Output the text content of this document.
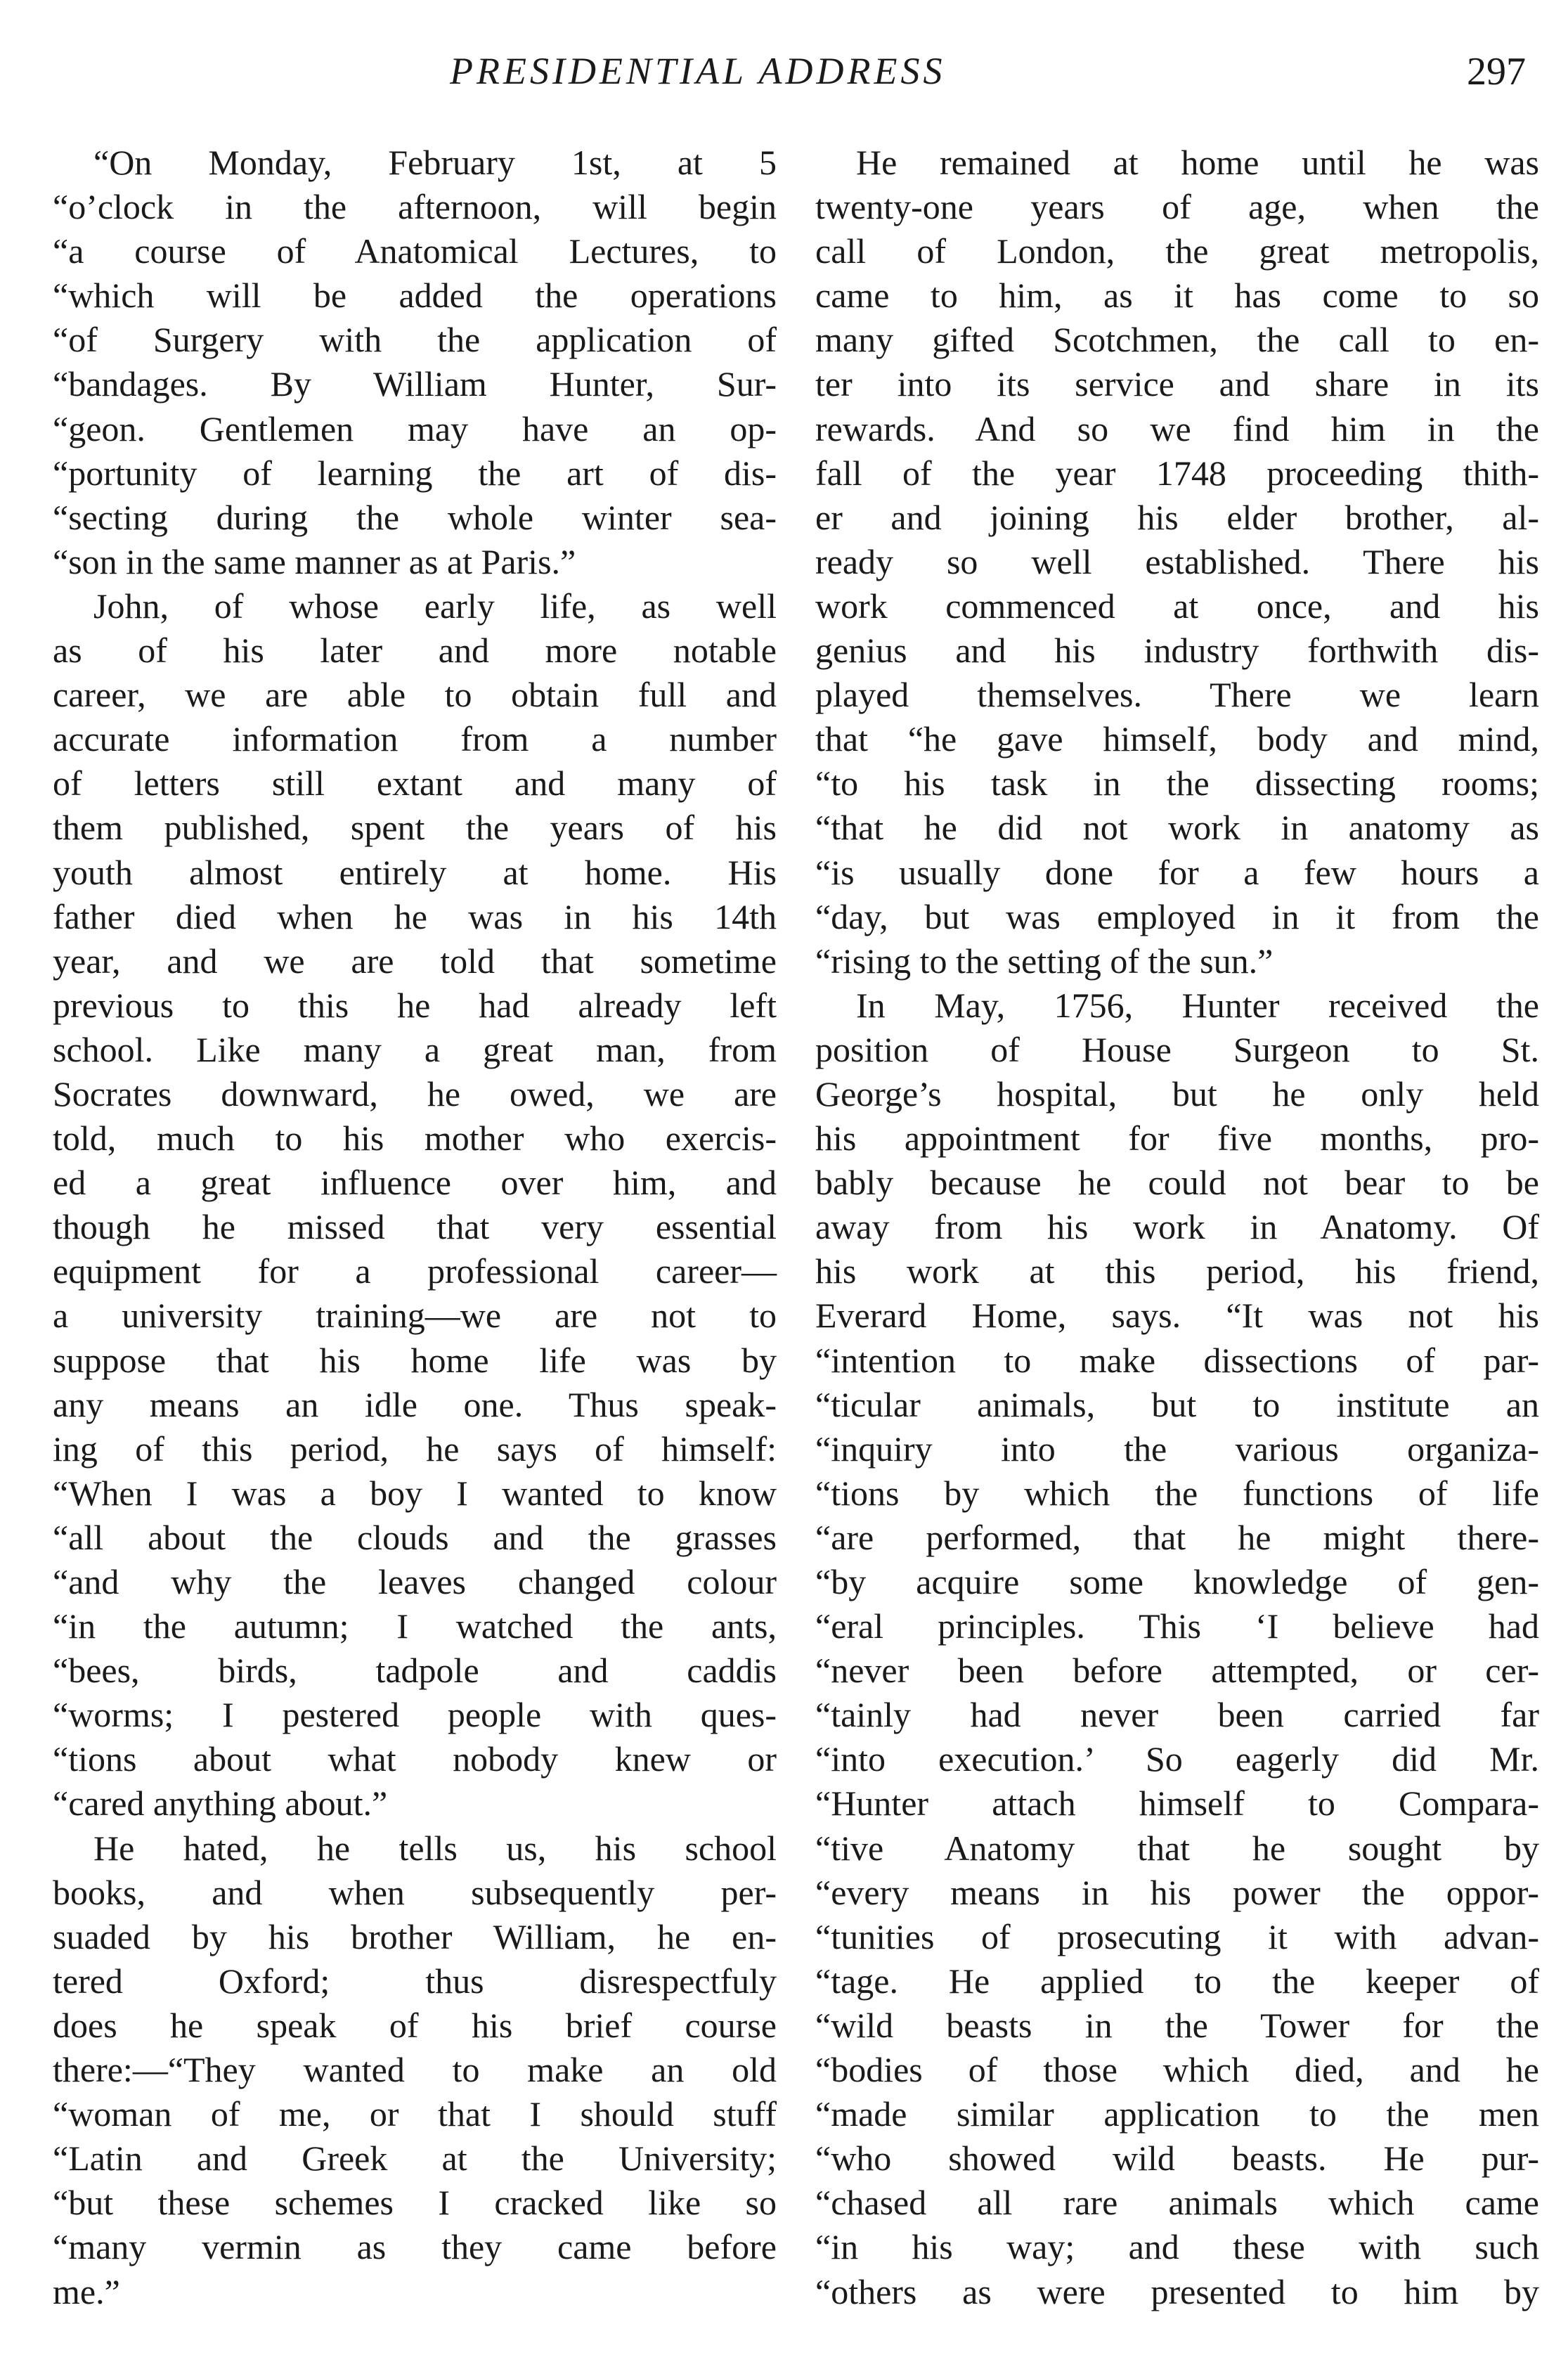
PRESIDENTIAL ADDRESS	297
“On Monday, February 1st, at 5
“o’clock in the afternoon, will begin
“a course of Anatomical Lectures, to
“which will be added the operations
“of Surgery with the application of
“bandages. By William Hunter, Sur-
“geon. Gentlemen may have an op-
“portunity of learning the art of dis-
“secting during the whole winter sea-
“son in the same manner as at Paris.”
John, of whose early life, as well
as of his later and more notable
career, we are able to obtain full and
accurate information from a number
of letters still extant and many of
them published, spent the years of his
youth almost entirely at home. His
father died when he was in his 14th
year, and we are told that sometime
previous to this he had already left
school. Like many a great man, from
Socrates downward, he owed, we are
told, much to his mother who exercis-
ed a great influence over him, and
though he missed that very essential
equipment for a professional career—
a university training—we are not to
suppose that his home life was by
any means an idle one. Thus speak-
ing of this period, he says of himself:
“When I was a boy I wanted to know
“all about the clouds and the grasses
“and why the leaves changed colour
“in the autumn; I watched the ants,
“bees, birds, tadpole and caddis
“worms; I pestered people with ques-
“tions about what nobody knew or
“cared anything about.”
He hated, he tells us, his school
books, and when subsequently per-
suaded by his brother William, he en-
tered Oxford; thus disrespectfuly
does he speak of his brief course
there:—“They wanted to make an old
“woman of me, or that I should stuff
“Latin and Greek at the University;
“but these schemes I cracked like so
“many vermin as they came before
me.”
He remained at home until he was
twenty-one years of age, when the
call of London, the great metropolis,
came to him, as it has come to so
many gifted Scotchmen, the call to en-
ter into its service and share in its
rewards. And so we find him in the
fall of the year 1748 proceeding thith-
er and joining his elder brother, al-
ready so well established. There his
work commenced at once, and his
genius and his industry forthwith dis-
played themselves. There we learn
that “he gave himself, body and mind,
“to his task in the dissecting rooms;
“that he did not work in anatomy as
“is usually done for a few hours a
“day, but was employed in it from the
“rising to the setting of the sun.”
In May, 1756, Hunter received the
position of House Surgeon to St.
George’s hospital, but he only held
his appointment for five months, pro-
bably because he could not bear to be
away from his work in Anatomy. Of
his work at this period, his friend,
Everard Home, says. “It was not his
“intention to make dissections of par-
“ticular animals, but to institute an
“inquiry into the various organiza-
“tions by which the functions of life
“are performed, that he might there-
“by acquire some knowledge of gen-
“eral principles. This ‘I believe had
“never been before attempted, or cer-
“tainly had never been carried far
“into execution.’ So eagerly did Mr.
“Hunter attach himself to Compara-
“tive Anatomy that he sought by
“every means in his power the oppor-
“tunities of prosecuting it with advan-
“tage. He applied to the keeper of
“wild beasts in the Tower for the
“bodies of those which died, and he
“made similar application to the men
“who showed wild beasts. He pur-
“chased all rare animals which came
“in his way; and these with such
“others as were presented to him by
